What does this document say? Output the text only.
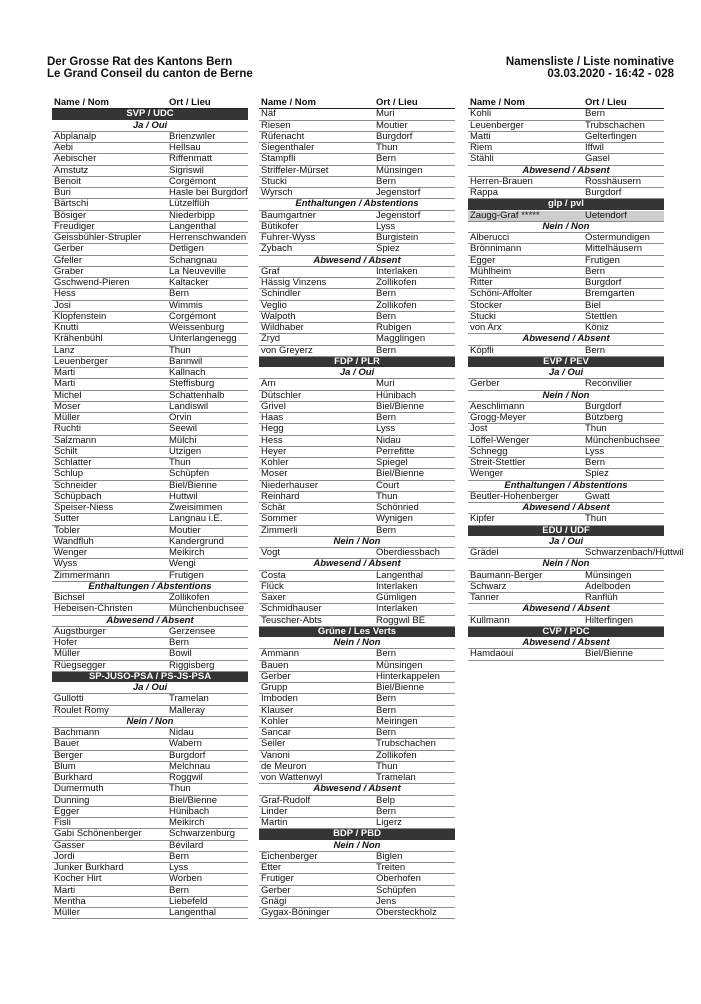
Der Grosse Rat des Kantons Bern
Le Grand Conseil du canton de Berne
Namensliste / Liste nominative
03.03.2020 - 16:42 - 028
Name / Nom	Ort / Lieu
SVP / UDC
Ja / Oui
Abplanalp	Brienzwiler
Aebi	Hellsau
Aebischer	Riffenmatt
Amstutz	Sigriswil
Benoit	Corgémont
Buri	Hasle bei Burgdorf
Bärtschi	Lützelflüh
Bösiger	Niederbipp
Freudiger	Langenthal
Geissbühler-Strupler	Herrenschwanden
Gerber	Detligen
Gfeller	Schangnau
Graber	La Neuveville
Gschwend-Pieren	Kaltacker
Hess	Bern
Josi	Wimmis
Klopfenstein	Corgémont
Knutti	Weissenburg
Krähenbühl	Unterlangenegg
Lanz	Thun
Leuenberger	Bannwil
Marti	Kallnach
Marti	Steffisburg
Michel	Schattenhalb
Moser	Landiswil
Müller	Orvin
Ruchti	Seewil
Salzmann	Mülchi
Schilt	Utzigen
Schlatter	Thun
Schlup	Schüpfen
Schneider	Biel/Bienne
Schüpbach	Huttwil
Speiser-Niess	Zweisimmen
Sutter	Langnau i.E.
Tobler	Moutier
Wandfluh	Kandergrund
Wenger	Meikirch
Wyss	Wengi
Zimmermann	Frutigen
Enthaltungen / Abstentions
Bichsel	Zollikofen
Hebeisen-Christen	Münchenbuchsee
Abwesend / Absent
Augstburger	Gerzensee
Hofer	Bern
Müller	Bowil
Rüegsegger	Riggisberg
SP-JUSO-PSA / PS-JS-PSA
Ja / Oui
Gullotti	Tramelan
Roulet Romy	Malleray
Nein / Non
Bachmann	Nidau
Bauer	Wabern
Berger	Burgdorf
Blum	Melchnau
Burkhard	Roggwil
Dumermuth	Thun
Dunning	Biel/Bienne
Egger	Hünibach
Fisli	Meikirch
Gabi Schönenberger	Schwarzenburg
Gasser	Bévilard
Jordi	Bern
Junker Burkhard	Lyss
Kocher Hirt	Worben
Marti	Bern
Mentha	Liebefeld
Müller	Langenthal
Name / Nom	Ort / Lieu
Näf	Muri
Riesen	Moutier
Rüfenacht	Burgdorf
Siegenthaler	Thun
Stampfli	Bern
Striffeler-Mürset	Münsingen
Stucki	Bern
Wyrsch	Jegenstorf
Enthaltungen / Abstentions
Baumgartner	Jegenstorf
Bütikofer	Lyss
Fuhrer-Wyss	Burgistein
Zybach	Spiez
Abwesend / Absent
Graf	Interlaken
Hässig Vinzens	Zollikofen
Schindler	Bern
Veglio	Zollikofen
Walpoth	Bern
Wildhaber	Rubigen
Zryd	Magglingen
von Greyerz	Bern
FDP / PLR
Ja / Oui
Arn	Muri
Dütschler	Hünibach
Grivel	Biel/Bienne
Haas	Bern
Hegg	Lyss
Hess	Nidau
Heyer	Perrefitte
Kohler	Spiegel
Moser	Biel/Bienne
Niederhauser	Court
Reinhard	Thun
Schär	Schönried
Sommer	Wynigen
Zimmerli	Bern
Nein / Non
Vogt	Oberdiessbach
Abwesend / Absent
Costa	Langenthal
Flück	Interlaken
Saxer	Gümligen
Schmidhauser	Interlaken
Teuscher-Abts	Roggwil BE
Grüne / Les Verts
Nein / Non
Ammann	Bern
Bauen	Münsingen
Gerber	Hinterkappelen
Grupp	Biel/Bienne
Imboden	Bern
Klauser	Bern
Kohler	Meiringen
Sancar	Bern
Seiler	Trubschachen
Vanoni	Zollikofen
de Meuron	Thun
von Wattenwyl	Tramelan
Abwesend / Absent
Graf-Rudolf	Belp
Linder	Bern
Martin	Ligerz
BDP / PBD
Nein / Non
Eichenberger	Biglen
Etter	Treiten
Frutiger	Oberhofen
Gerber	Schüpfen
Gnägi	Jens
Gygax-Böninger	Obersteckholz
Name / Nom	Ort / Lieu
Kohli	Bern
Leuenberger	Trubschachen
Matti	Gelterfingen
Riem	Iffwil
Stähli	Gasel
Abwesend / Absent
Herren-Brauen	Rosshäusern
Rappa	Burgdorf
glp / pvl
Zaugg-Graf *****	Uetendorf
Nein / Non
Alberucci	Ostermundigen
Brönnimann	Mittelhäusern
Egger	Frutigen
Mühlheim	Bern
Ritter	Burgdorf
Schöni-Affolter	Bremgarten
Stocker	Biel
Stucki	Stettlen
von Arx	Köniz
Abwesend / Absent
Köpfli	Bern
EVP / PEV
Ja / Oui
Gerber	Reconvilier
Nein / Non
Aeschlimann	Burgdorf
Grogg-Meyer	Bützberg
Jost	Thun
Löffel-Wenger	Münchenbuchsee
Schnegg	Lyss
Streit-Stettler	Bern
Wenger	Spiez
Enthaltungen / Abstentions
Beutler-Hohenberger	Gwatt
Abwesend / Absent
Kipfer	Thun
EDU / UDF
Ja / Oui
Grädel	Schwarzenbach/Huttwil
Nein / Non
Baumann-Berger	Münsingen
Schwarz	Adelboden
Tanner	Ranflüh
Abwesend / Absent
Kullmann	Hilterfingen
CVP / PDC
Abwesend / Absent
Hamdaoui	Biel/Bienne
